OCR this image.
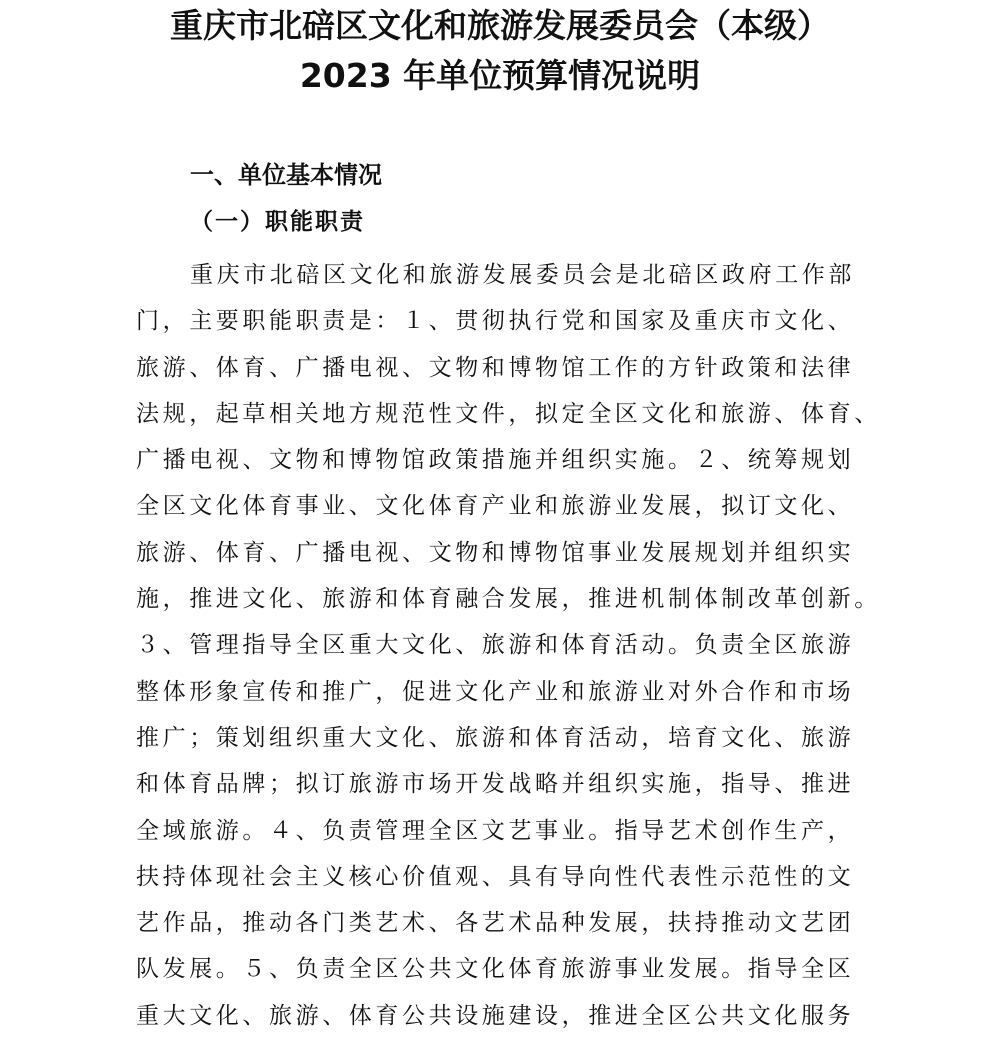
重庆市北碚区文化和旅游发展委员会（本级）
2023 年单位预算情况说明
一、单位基本情况
（一）职能职责

重庆市北碚区文化和旅游发展委员会是北碚区政府工作部

门，主要职能职责是：１、贯彻执行党和国家及重庆市文化、

旅游、体育、广播电视、文物和博物馆工作的方针政策和法律

法规，起草相关地方规范性文件，拟定全区文化和旅游、体育、

广播电视、文物和博物馆政策措施并组织实施。２、统筹规划

全区文化体育事业、文化体育产业和旅游业发展，拟订文化、

旅游、体育、广播电视、文物和博物馆事业发展规划并组织实

施，推进文化、旅游和体育融合发展，推进机制体制改革创新。

３、管理指导全区重大文化、旅游和体育活动。负责全区旅游

整体形象宣传和推广，促进文化产业和旅游业对外合作和市场

推广；策划组织重大文化、旅游和体育活动，培育文化、旅游

和体育品牌；拟订旅游市场开发战略并组织实施，指导、推进

全域旅游。４、负责管理全区文艺事业。指导艺术创作生产，

扶持体现社会主义核心价值观、具有导向性代表性示范性的文

艺作品，推动各门类艺术、各艺术品种发展，扶持推动文艺团

队发展。５、负责全区公共文化体育旅游事业发展。指导全区

重大文化、旅游、体育公共设施建设，推进全区公共文化服务
